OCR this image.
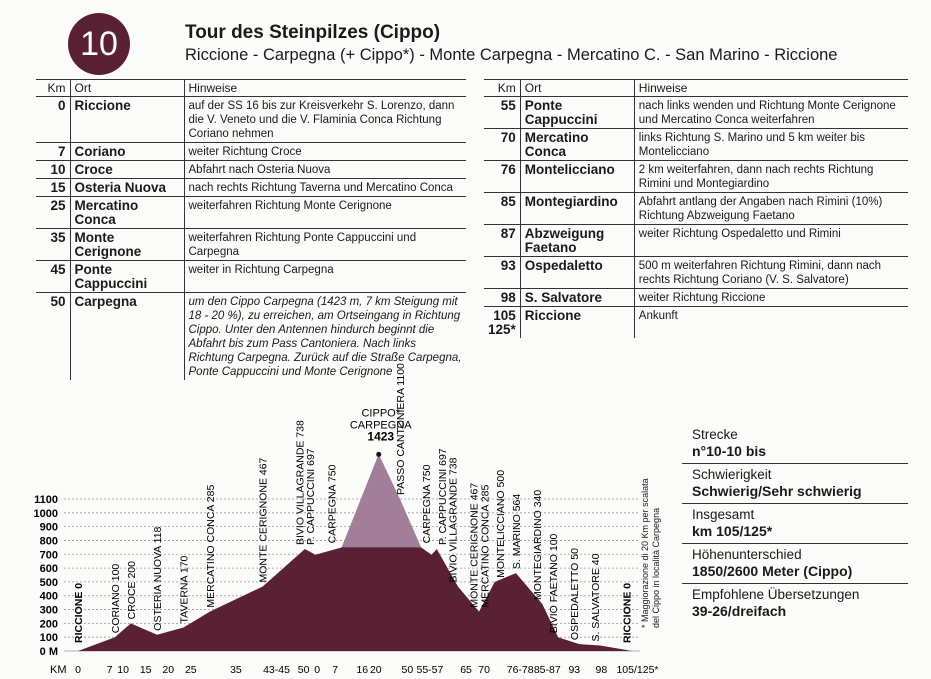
10	Tour des Steinpilzes (Cippo)
Riccione - Carpegna (+ Cippo*) - Monte Carpegna - Mercatino C. - San Marino - Riccione
Km	Ort	Hinweise
0	Riccione	auf der SS 16 bis zur Kreisverkehr S. Lorenzo, dann die V. Veneto und die V. Flaminia Conca Richtung Coriano nehmen
7	Coriano	weiter Richtung Croce
10	Croce	Abfahrt nach Osteria Nuova
15	Osteria Nuova	nach rechts Richtung Taverna und Mercatino Conca
25	Mercatino Conca	weiterfahren Richtung Monte Cerignone
35	Monte Cerignone	weiterfahren Richtung Ponte Cappuccini und Carpegna
45	Ponte Cappuccini	weiter in Richtung Carpegna
50	Carpegna	um den Cippo Carpegna (1423 m, 7 km Steigung mit 18 - 20 %), zu erreichen, am Ortseingang in Richtung Cippo. Unter den Antennen hindurch beginnt die Abfahrt bis zum Pass Cantoniera. Nach links Richtung Carpegna. Zurück auf die Straße Carpegna, Ponte Cappuccini und Monte Cerignone
Km	Ort	Hinweise
55	Ponte Cappuccini	nach links wenden und Richtung Monte Cerignone und Mercatino Conca weiterfahren
70	Mercatino Conca	links Richtung S. Marino und 5 km weiter bis Montelicciano
76	Montelicciano	2 km weiterfahren, dann nach rechts Richtung Rimini und Montegiardino
85	Montegiardino	Abfahrt antlang der Angaben nach Rimini (10%) Richtung Abzweigung Faetano
87	Abzweigung Faetano	weiter Richtung Ospedaletto und Rimini
93	Ospedaletto	500 m weiterfahren Richtung Rimini, dann nach rechts Richtung Coriano (V. S. Salvatore)
98	S. Salvatore	weiter Richtung Riccione
105 125*	Riccione	Ankunft
0 M
100
200
300
400
500
600
700
800
900
1000
1100
CIPPO*
CARPEGNA
1423
KM 0 7 10 15 20 25	35 43-45 50 0 7 16 20 50 55-57 65 70 76-78 85-87 93 98 105/125*
RICCIONE 0 CORIANO 100 CROCE 200 OSTERIA NUOVA 118 TAVERNA 170 MERCATINO CONCA 285	MONTE CERIGNONE 467 BIVIO VILLAGRANDE 738
P. CAPPUCCINI 697 CARPEGNA 750
PASSO CANTONIERA 1100
CARPEGNA 750 P. CAPPUCCINI 697
BIVIO VILLAGRANDE 738 MONTE CERIGNONE 467
MERCATINO CONCA 285 MONTELICCIANO 500 S. MARINO 564 MONTEGIARDINO 340 BIVIO FAETANO 100 OSPEDALETTO 50 S. SALVATORE 40 RICCIONE 0 * Maggiorazione di 20 Km per scalata del Cippo in località Carpegna
Strecke
n°10-10 bis
Schwierigkeit
Schwierig/Sehr schwierig
Insgesamt
km 105/125*
Höhenunterschied
1850/2600 Meter (Cippo)
Empfohlene Übersetzungen
39-26/dreifach
